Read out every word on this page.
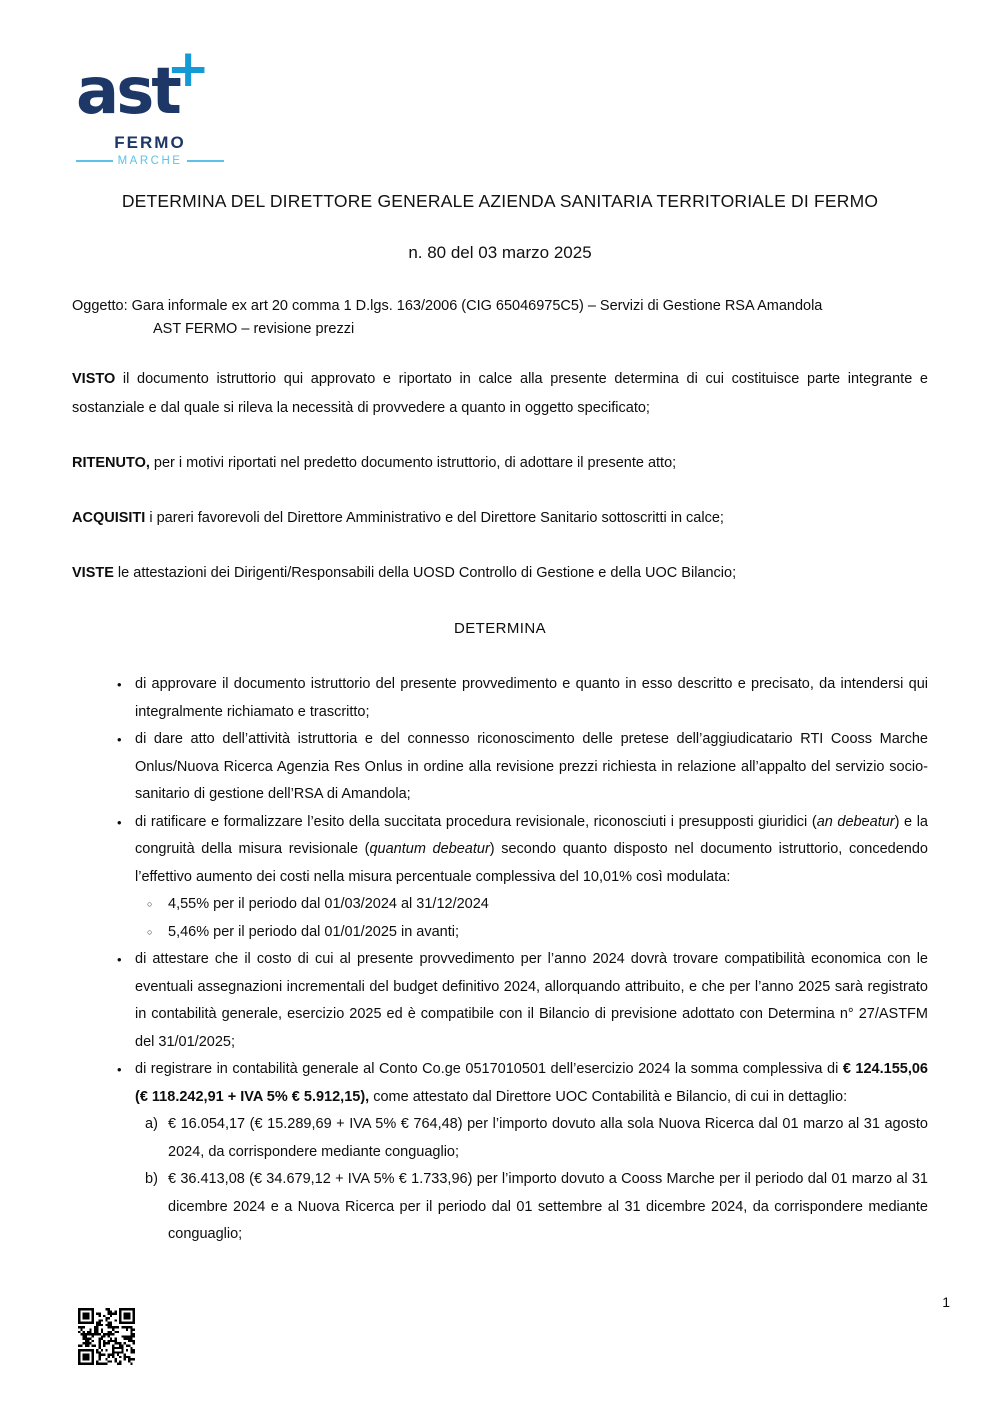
ast
+
FERMO
MARCHE
DETERMINA DEL DIRETTORE GENERALE AZIENDA SANITARIA TERRITORIALE DI FERMO
n. 80 del 03 marzo 2025

Oggetto: Gara informale ex art 20 comma 1 D.lgs. 163/2006 (CIG 65046975C5) – Servizi di Gestione RSA Amandola
AST FERMO – revisione prezzi

VISTO il documento istruttorio qui approvato e riportato in calce alla presente determina di cui costituisce parte integrante e sostanziale e dal quale si rileva la necessità di provvedere a quanto in oggetto specificato;

RITENUTO, per i motivi riportati nel predetto documento istruttorio, di adottare il presente atto;

ACQUISITI i pareri favorevoli del Direttore Amministrativo e del Direttore Sanitario sottoscritti in calce;

VISTE le attestazioni dei Dirigenti/Responsabili della UOSD Controllo di Gestione e della UOC Bilancio;

DETERMINA
• di approvare il documento istruttorio del presente provvedimento e quanto in esso descritto e precisato, da intendersi qui integralmente richiamato e trascritto;
• di dare atto dell’attività istruttoria e del connesso riconoscimento delle pretese dell’aggiudicatario RTI Cooss Marche Onlus/Nuova Ricerca Agenzia Res Onlus in ordine alla revisione prezzi richiesta in relazione all’appalto del servizio socio-sanitario di gestione dell’RSA di Amandola;
• di ratificare e formalizzare l’esito della succitata procedura revisionale, riconosciuti i presupposti giuridici (an debeatur) e la congruità della misura revisionale (quantum debeatur) secondo quanto disposto nel documento istruttorio, concedendo l’effettivo aumento dei costi nella misura percentuale complessiva del 10,01% così modulata:
○	4,55% per il periodo dal 01/03/2024 al 31/12/2024
○	5,46% per il periodo dal 01/01/2025 in avanti;
• di attestare che il costo di cui al presente provvedimento per l’anno 2024 dovrà trovare compatibilità economica con le eventuali assegnazioni incrementali del budget definitivo 2024, allorquando attribuito, e che per l’anno 2025 sarà registrato in contabilità generale, esercizio 2025 ed è compatibile con il Bilancio di previsione adottato con Determina n° 27/ASTFM del 31/01/2025;
• di registrare in contabilità generale al Conto Co.ge 0517010501 dell’esercizio 2024 la somma complessiva di € 124.155,06 (€ 118.242,91 + IVA 5% € 5.912,15), come attestato dal Direttore UOC Contabilità e Bilancio, di cui in dettaglio:
a) € 16.054,17 (€ 15.289,69 + IVA 5% € 764,48) per l’importo dovuto alla sola Nuova Ricerca dal 01 marzo al 31 agosto 2024, da corrispondere mediante conguaglio;
b) € 36.413,08 (€ 34.679,12 + IVA 5% € 1.733,96) per l’importo dovuto a Cooss Marche per il periodo dal 01 marzo al 31 dicembre 2024 e a Nuova Ricerca per il periodo dal 01 settembre al 31 dicembre 2024, da corrispondere mediante conguaglio;
1
